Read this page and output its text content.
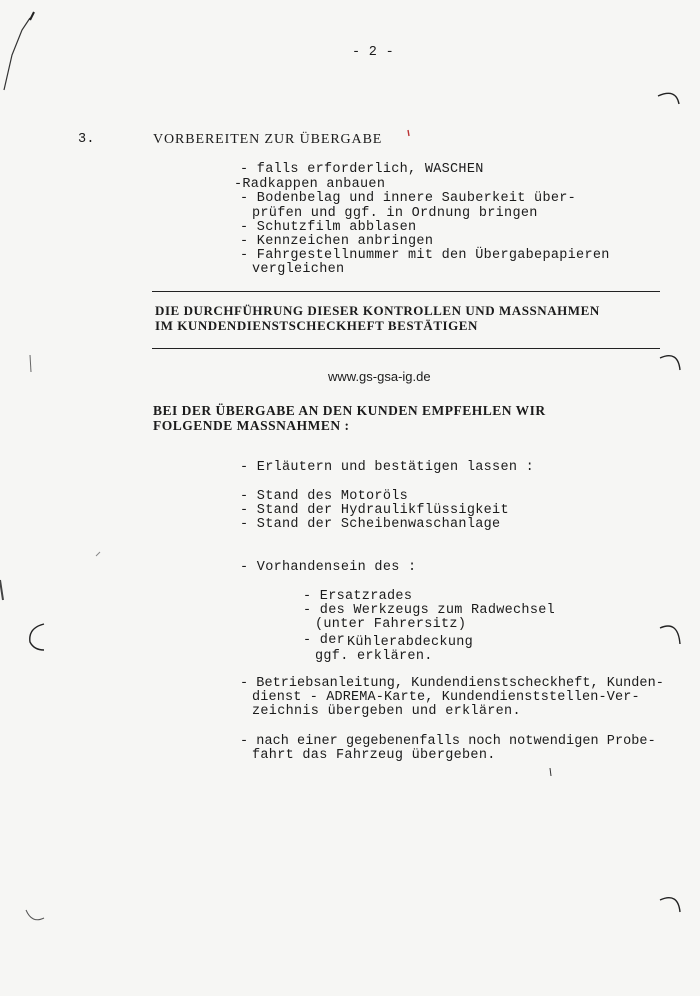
- 2 -
3.	VORBEREITEN ZUR ÜBERGABE
- falls erforderlich, WASCHEN
-Radkappen anbauen
- Bodenbelag und innere Sauberkeit über-
prüfen und ggf. in Ordnung bringen
- Schutzfilm abblasen
- Kennzeichen anbringen
- Fahrgestellnummer mit den Übergabepapieren
vergleichen
DIE DURCHFÜHRUNG DIESER KONTROLLEN UND MASSNAHMEN
IM KUNDENDIENSTSCHECKHEFT BESTÄTIGEN
www.gs-gsa-ig.de
BEI DER ÜBERGABE AN DEN KUNDEN EMPFEHLEN WIR
FOLGENDE MASSNAHMEN :
- Erläutern und bestätigen lassen :
- Stand des Motoröls
- Stand der Hydraulikflüssigkeit
- Stand der Scheibenwaschanlage
- Vorhandensein des :
- Ersatzrades
- des Werkzeugs zum Radwechsel
(unter Fahrersitz)
- der Kühlerabdeckung
ggf. erklären.
- Betriebsanleitung, Kundendienstscheckheft, Kunden-
dienst - ADREMA-Karte, Kundendienststellen-Ver-
zeichnis übergeben und erklären.
- nach einer gegebenenfalls noch notwendigen Probe-
fahrt das Fahrzeug übergeben.
